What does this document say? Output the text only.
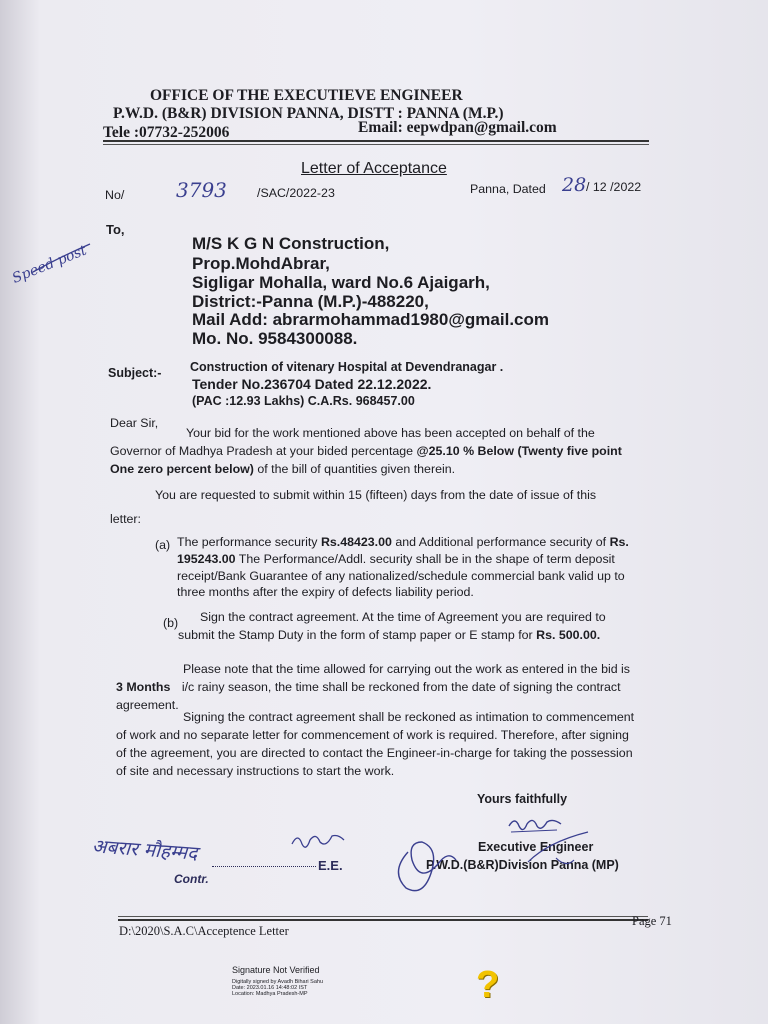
OFFICE OF THE EXECUTIEVE ENGINEER
P.W.D. (B&R) DIVISION PANNA, DISTT : PANNA (M.P.)
Tele :07732-252006	Email: eepwdpan@gmail.com
Letter of Acceptance
No/	3793 /SAC/2022-23	Panna, Dated 28 / 12 /2022
Speed post
To,
M/S K G N Construction,
Prop.MohdAbrar,
Sigligar Mohalla, ward No.6 Ajaigarh,
District:-Panna (M.P.)-488220,
Mail Add: abrarmohammad1980@gmail.com
Mo. No. 9584300088.
Subject:- Construction of vitenary Hospital at Devendranagar .
Tender No.236704 Dated 22.12.2022.
(PAC :12.93 Lakhs) C.A.Rs. 968457.00
Dear Sir,
Your bid for the work mentioned above has been accepted on behalf of the
Governor of Madhya Pradesh at your bided percentage @25.10 % Below (Twenty five point
One zero percent below) of the bill of quantities given therein.
You are requested to submit within 15 (fifteen) days from the date of issue of this
letter:
(a) The performance security Rs.48423.00 and Additional performance security of Rs.
195243.00 The Performance/Addl. security shall be in the shape of term deposit
receipt/Bank Guarantee of any nationalized/schedule commercial bank valid up to
three months after the expiry of defects liability period.
(b) Sign the contract agreement. At the time of Agreement you are required to
submit the Stamp Duty in the form of stamp paper or E stamp for Rs. 500.00.
Please note that the time allowed for carrying out the work as entered in the bid is
3 Months i/c rainy season, the time shall be reckoned from the date of signing the contract
agreement.
Signing the contract agreement shall be reckoned as intimation to commencement
of work and no separate letter for commencement of work is required. Therefore, after signing
of the agreement, you are directed to contact the Engineer-in-charge for taking the possession
of site and necessary instructions to start the work.
Yours faithfully
Executive Engineer
P.W.D.(B&R)Division Panna (MP)
अबरार मौहम्मद
Contr.
E.E.
D:\2020\S.A.C\Acceptence Letter
Page 71
Signature Not Verified
Digitally signed by Avadh Bihari Sahu
Date: 2023.01.16 14:48:02 IST
Location: Madhya Pradesh-MP	?
